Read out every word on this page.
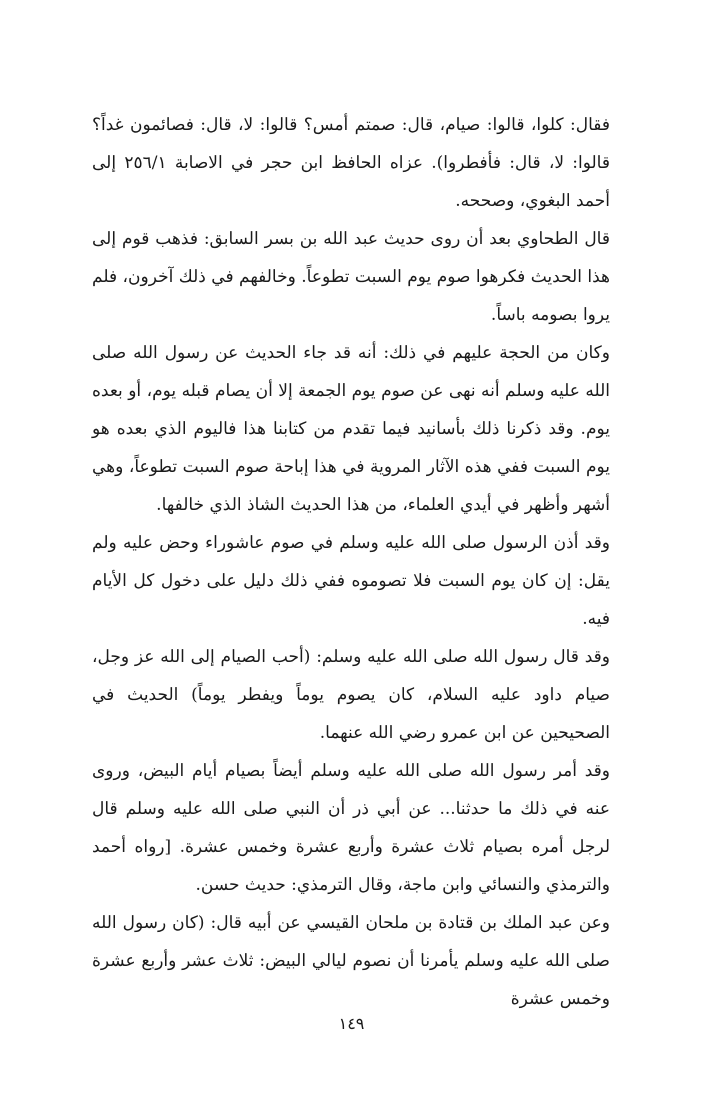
فقال: كلوا، قالوا: صيام، قال: صمتم أمس؟ قالوا: لا، قال: فصائمون غداً؟ قالوا: لا، قال: فأفطروا). عزاه الحافظ ابن حجر في الاصابة ٢٥٦/١ إلى أحمد البغوي، وصححه.

قال الطحاوي بعد أن روى حديث عبد الله بن بسر السابق: فذهب قوم إلى هذا الحديث فكرهوا صوم يوم السبت تطوعاً. وخالفهم في ذلك آخرون، فلم يروا بصومه باساً.

وكان من الحجة عليهم في ذلك: أنه قد جاء الحديث عن رسول الله صلى الله عليه وسلم أنه نهى عن صوم يوم الجمعة إلا أن يصام قبله يوم، أو بعده يوم. وقد ذكرنا ذلك بأسانيد فيما تقدم من كتابنا هذا فاليوم الذي بعده هو يوم السبت ففي هذه الآثار المروية في هذا إباحة صوم السبت تطوعاً، وهي أشهر وأظهر في أيدي العلماء، من هذا الحديث الشاذ الذي خالفها.

وقد أذن الرسول صلى الله عليه وسلم في صوم عاشوراء وحض عليه ولم يقل: إن كان يوم السبت فلا تصوموه ففي ذلك دليل على دخول كل الأيام فيه.

وقد قال رسول الله صلى الله عليه وسلم: (أحب الصيام إلى الله عز وجل، صيام داود عليه السلام، كان يصوم يوماً ويفطر يوماً) الحديث في الصحيحين عن ابن عمرو رضي الله عنهما.

وقد أمر رسول الله صلى الله عليه وسلم أيضاً بصيام أيام البيض، وروى عنه في ذلك ما حدثنا... عن أبي ذر أن النبي صلى الله عليه وسلم قال لرجل أمره بصيام ثلاث عشرة وأربع عشرة وخمس عشرة. [رواه أحمد والترمذي والنسائي وابن ماجة، وقال الترمذي: حديث حسن.

وعن عبد الملك بن قتادة بن ملحان القيسي عن أبيه قال: (كان رسول الله صلى الله عليه وسلم يأمرنا أن نصوم ليالي البيض: ثلاث عشر وأربع عشرة وخمس عشرة

١٤٩
